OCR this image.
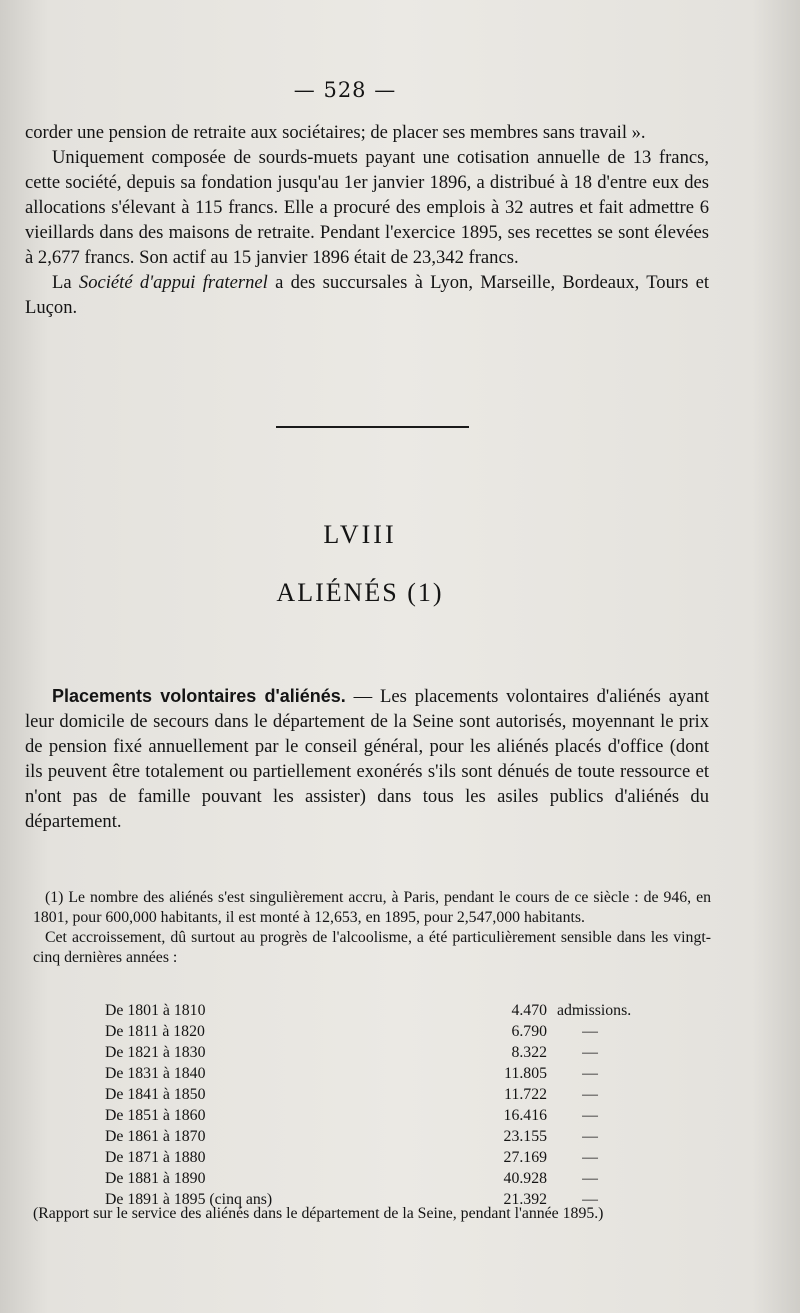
— 528 —

corder une pension de retraite aux sociétaires; de placer ses membres sans travail ».

Uniquement composée de sourds-muets payant une cotisation annuelle de 13 francs, cette société, depuis sa fondation jusqu'au 1er janvier 1896, a distribué à 18 d'entre eux des allocations s'élevant à 115 francs. Elle a procuré des emplois à 32 autres et fait admettre 6 vieillards dans des maisons de retraite. Pendant l'exercice 1895, ses recettes se sont élevées à 2,677 francs. Son actif au 15 janvier 1896 était de 23,342 francs.

La Société d'appui fraternel a des succursales à Lyon, Marseille, Bordeaux, Tours et Luçon.

LVIII
ALIÉNÉS (1)

Placements volontaires d'aliénés. — Les placements volontaires d'aliénés ayant leur domicile de secours dans le département de la Seine sont autorisés, moyennant le prix de pension fixé annuellement par le conseil général, pour les aliénés placés d'office (dont ils peuvent être totalement ou partiellement exonérés s'ils sont dénués de toute ressource et n'ont pas de famille pouvant les assister) dans tous les asiles publics d'aliénés du département.

(1) Le nombre des aliénés s'est singulièrement accru, à Paris, pendant le cours de ce siècle : de 946, en 1801, pour 600,000 habitants, il est monté à 12,653, en 1895, pour 2,547,000 habitants.

Cet accroissement, dû surtout au progrès de l'alcoolisme, a été particulièrement sensible dans les vingt-cinq dernières années :

De 1801 à 1810	4.470 admissions.
De 1811 à 1820	6.790 —
De 1821 à 1830	8.322 —
De 1831 à 1840	11.805 —
De 1841 à 1850	11.722 —
De 1851 à 1860	16.416 —
De 1861 à 1870	23.155 —
De 1871 à 1880	27.169 —
De 1881 à 1890	40.928 —
De 1891 à 1895 (cinq ans)	21.392 —
(Rapport sur le service des aliénés dans le département de la Seine, pendant l'année 1895.)
